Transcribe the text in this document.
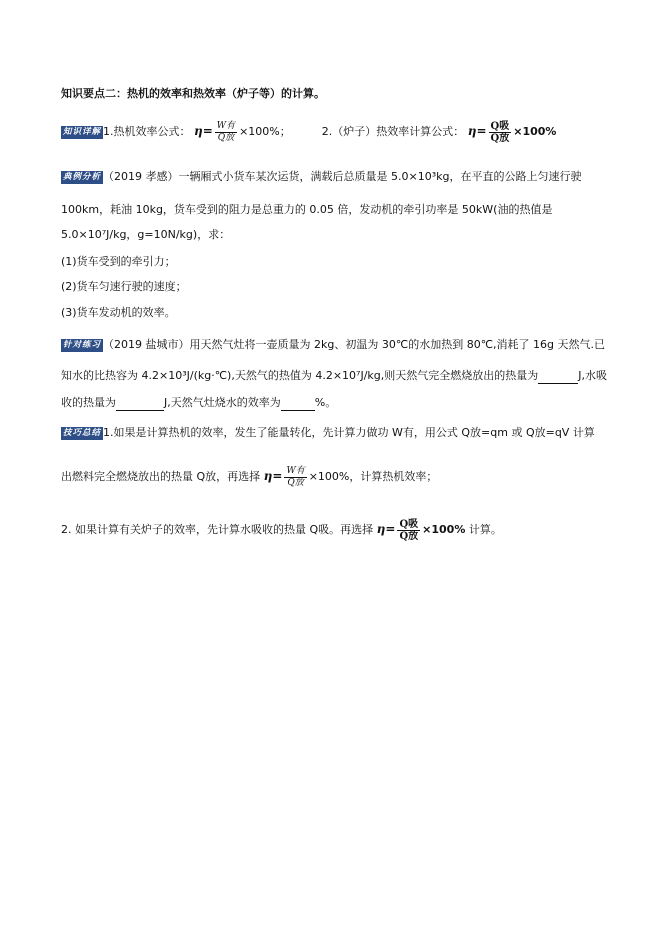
知识要点二：热机的效率和热效率（炉子等）的计算。
知识详解 1.热机效率公式： $\eta= \frac{\text{W有}}{\text{Q放}} \times 100\%$；	2.（炉子）热效率计算公式： $\eta= \frac{\text{Q吸}}{\text{Q放}} \times 100\%$
典例分析 （2019 孝感）一辆厢式小货车某次运货，满载后总质量是 5.0×10³kg，在平直的公路上匀速行驶
100km，耗油 10kg，货车受到的阻力是总重力的 0.05 倍，发动机的牵引功率是 50kW(油的热值是
5.0×10⁷J/kg，g=10N/kg)，求：
(1)货车受到的牵引力；
(2)货车匀速行驶的速度；
(3)货车发动机的效率。
针对练习 （2019 盐城市）用天然气灶将一壶质量为 2kg、初温为 30℃的水加热到 80℃,消耗了 16g 天然气.已
知水的比热容为 4.2×10³J/(kg·℃),天然气的热值为 4.2×10⁷J/kg,则天然气完全燃烧放出的热量为	J,水吸
收的热量为	J,天然气灶烧水的效率为	%。
技巧总结 1.如果是计算热机的效率，发生了能量转化，先计算力做功 W有，用公式 Q放=qm 或 Q放=qV 计算
出燃料完全燃烧放出的热量 Q放，再选择 $\eta= \frac{\text{W有}}{\text{Q放}} \times 100\%$，计算热机效率；
2. 如果计算有关炉子的效率，先计算水吸收的热量 Q吸。再选择 $\eta= \frac{\text{Q吸}}{\text{Q放}} \times 100\%$ 计算。
